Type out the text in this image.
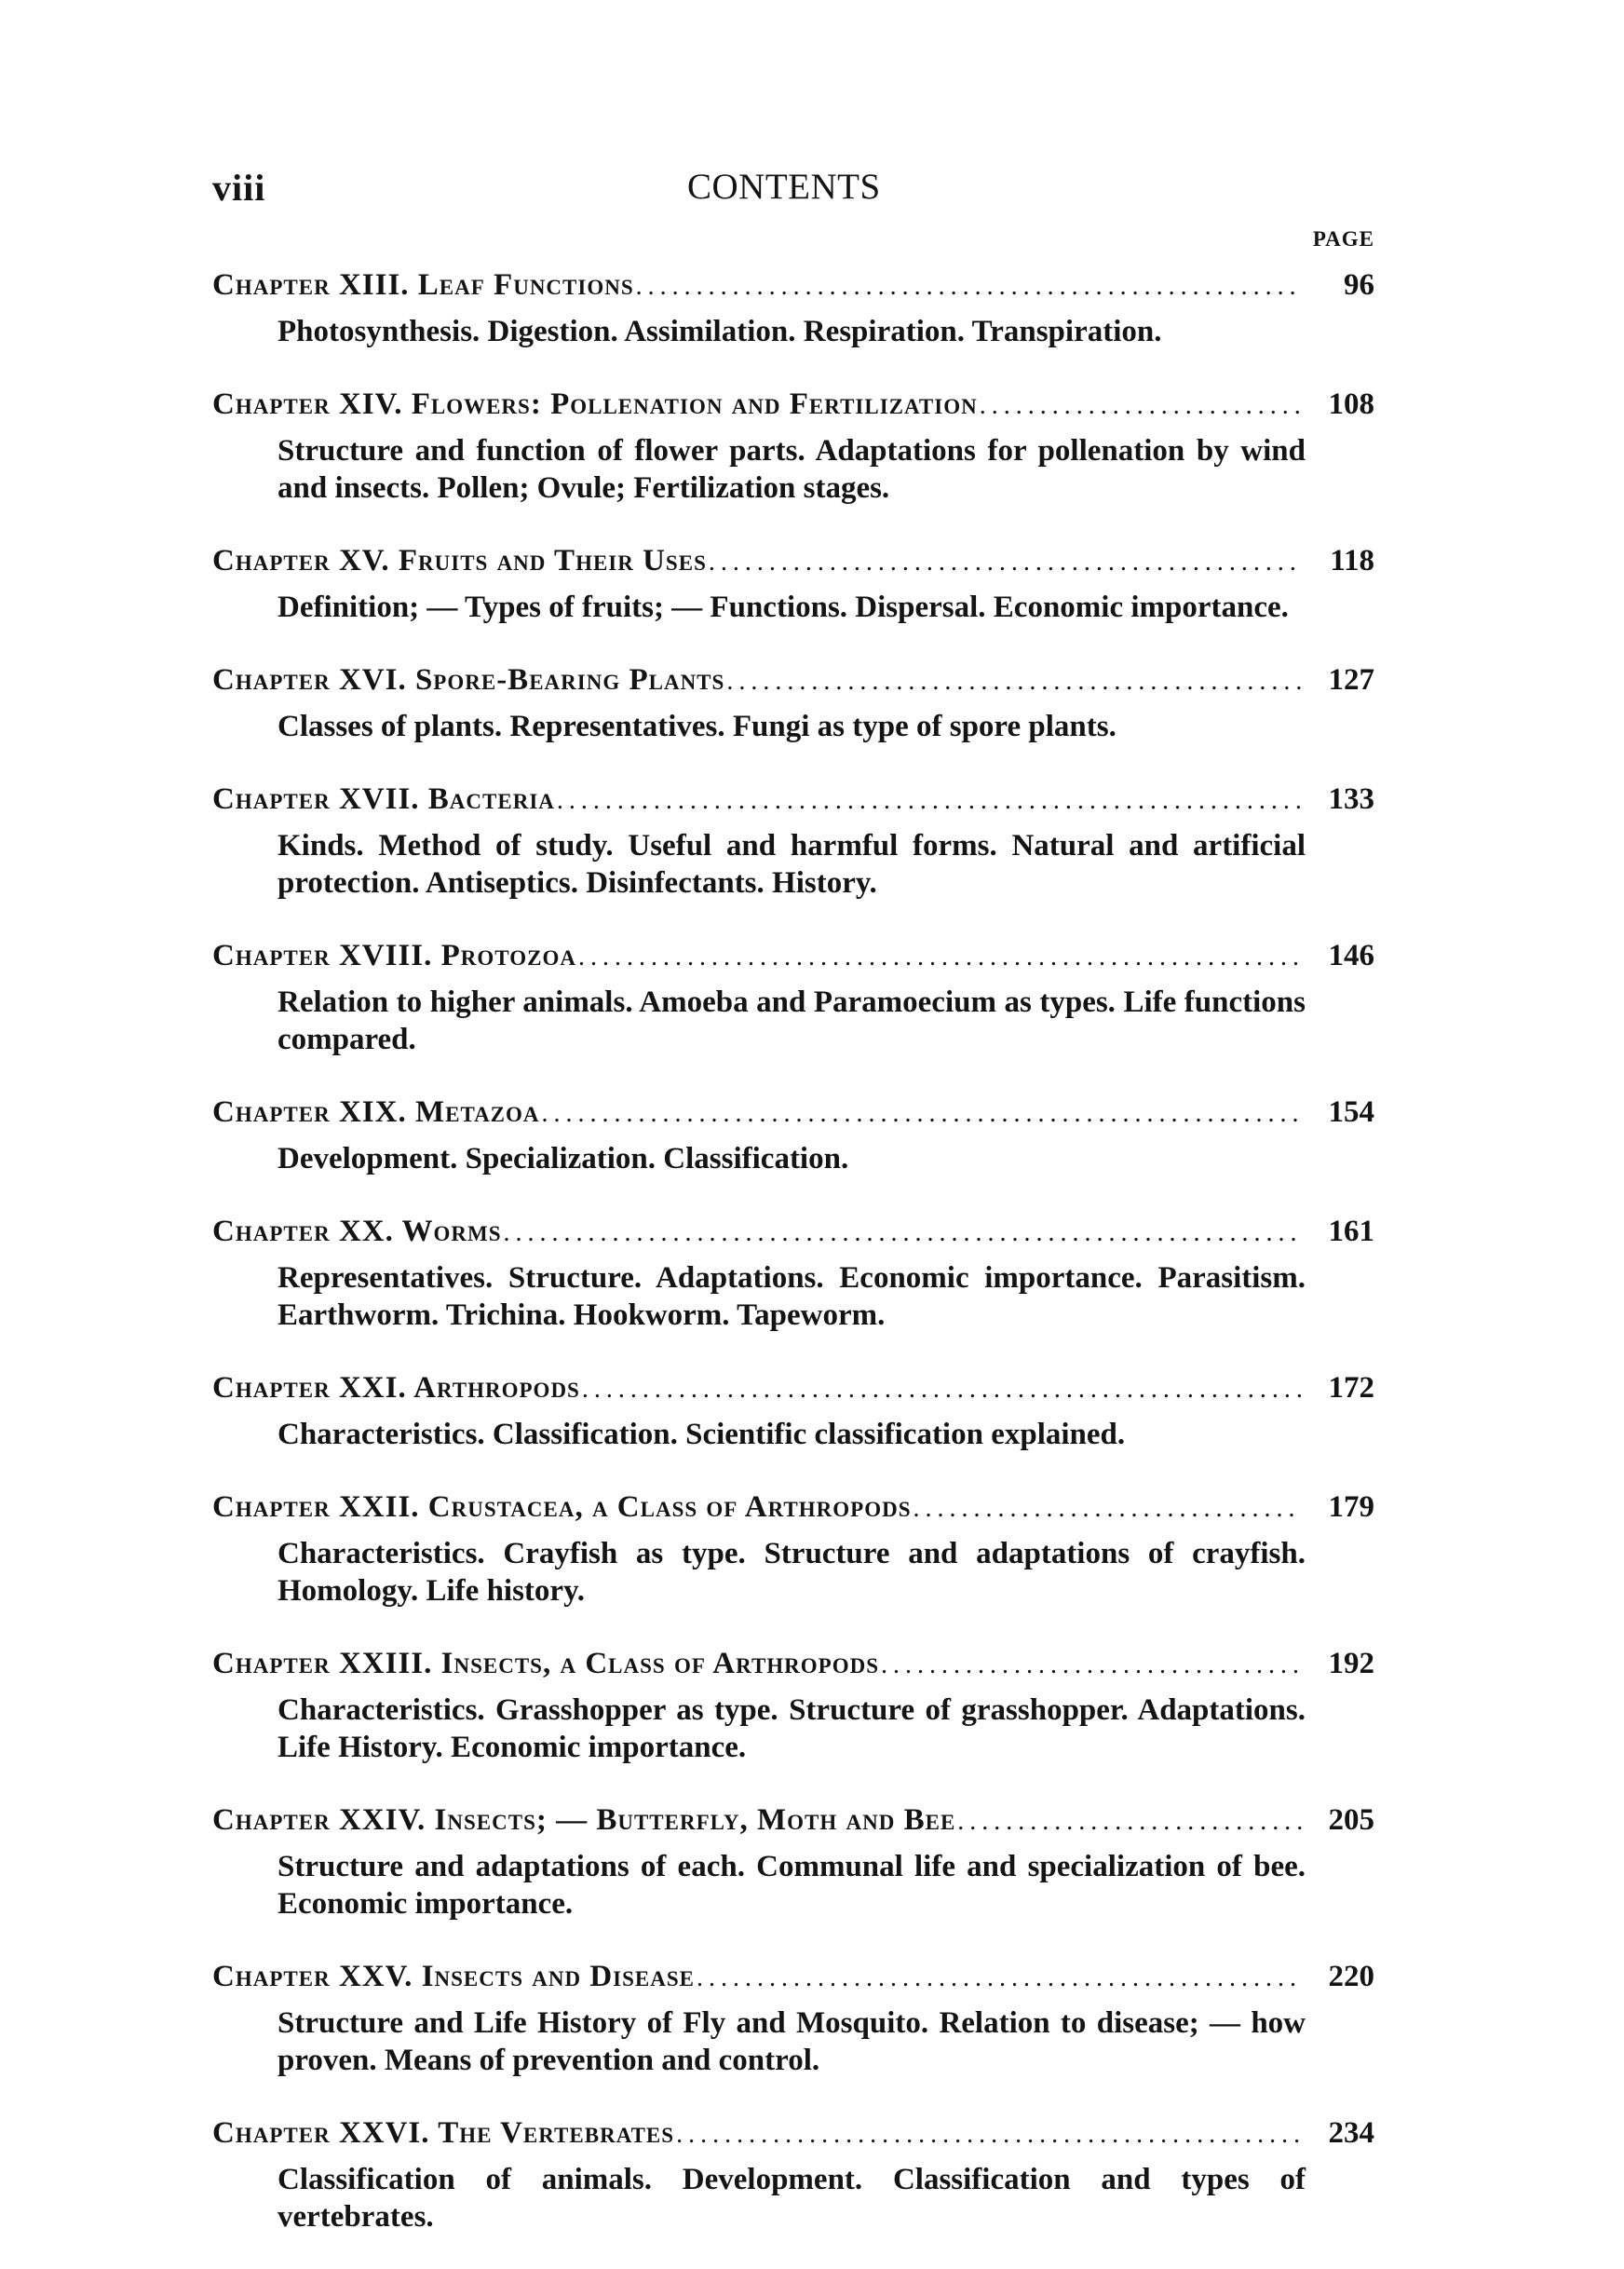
viii	CONTENTS
PAGE
Chapter XIII. Leaf Functions .....	96
Photosynthesis. Digestion. Assimilation. Respiration. Transpiration.
Chapter XIV. Flowers: Pollenation and Fertilization .....	108
Structure and function of flower parts. Adaptations for pollenation by wind and insects. Pollen; Ovule; Fertilization stages.
Chapter XV. Fruits and Their Uses .....	118
Definition; — Types of fruits; — Functions. Dispersal. Economic importance.
Chapter XVI. Spore-Bearing Plants .....	127
Classes of plants. Representatives. Fungi as type of spore plants.
Chapter XVII. Bacteria .....	133
Kinds. Method of study. Useful and harmful forms. Natural and artificial protection. Antiseptics. Disinfectants. History.
Chapter XVIII. Protozoa .....	146
Relation to higher animals. Amoeba and Paramoecium as types. Life functions compared.
Chapter XIX. Metazoa .....	154
Development. Specialization. Classification.
Chapter XX. Worms .....	161
Representatives. Structure. Adaptations. Economic importance. Parasitism. Earthworm. Trichina. Hookworm. Tapeworm.
Chapter XXI. Arthropods .....	172
Characteristics. Classification. Scientific classification explained.
Chapter XXII. Crustacea, a Class of Arthropods .....	179
Characteristics. Crayfish as type. Structure and adaptations of crayfish. Homology. Life history.
Chapter XXIII. Insects, a Class of Arthropods .....	192
Characteristics. Grasshopper as type. Structure of grasshopper. Adaptations. Life History. Economic importance.
Chapter XXIV. Insects; — Butterfly, Moth and Bee .....	205
Structure and adaptations of each. Communal life and specialization of bee. Economic importance.
Chapter XXV. Insects and Disease .....	220
Structure and Life History of Fly and Mosquito. Relation to disease; — how proven. Means of prevention and control.
Chapter XXVI. The Vertebrates .....	234
Classification of animals. Development. Classification and types of vertebrates.
